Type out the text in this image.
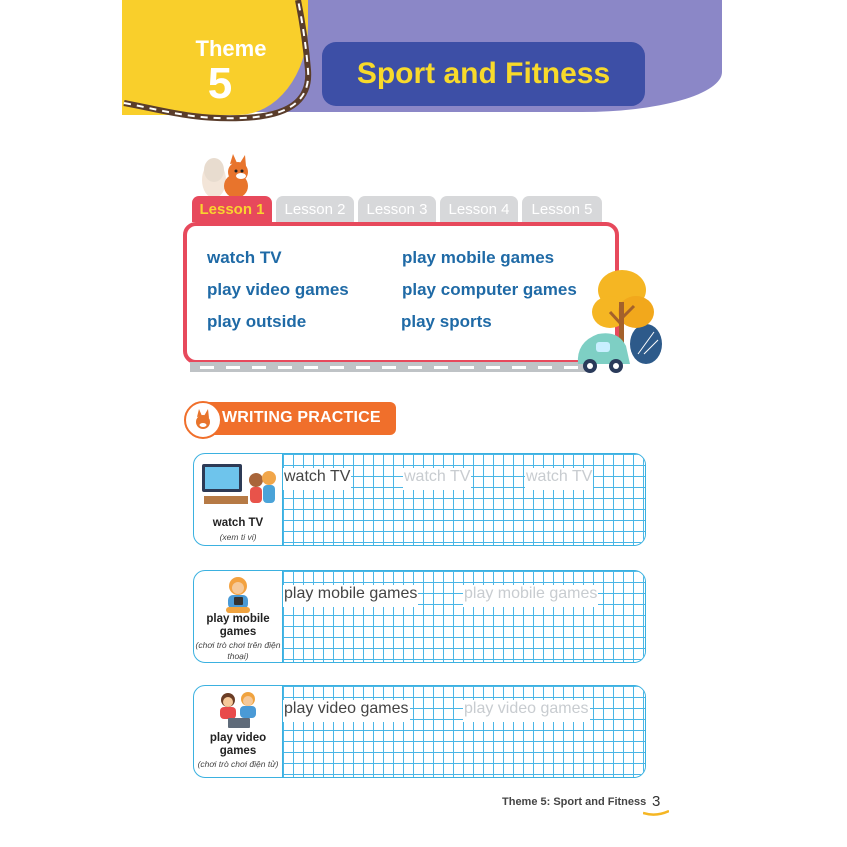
Theme
5	Sport and Fitness
Lesson 1	Lesson 2	Lesson 3	Lesson 4	Lesson 5
watch TV
play video games
play outside
play mobile games
play computer games
play sports
WRITING PRACTICE
watch TV
(xem ti vi)
watch TV	watch TV	watch TV
play mobile games
(chơi trò chơi trên điện thoại)
play mobile games	play mobile games
play video games
(chơi trò chơi điện tử)
play video games	play video games
Theme 5: Sport and Fitness 3
